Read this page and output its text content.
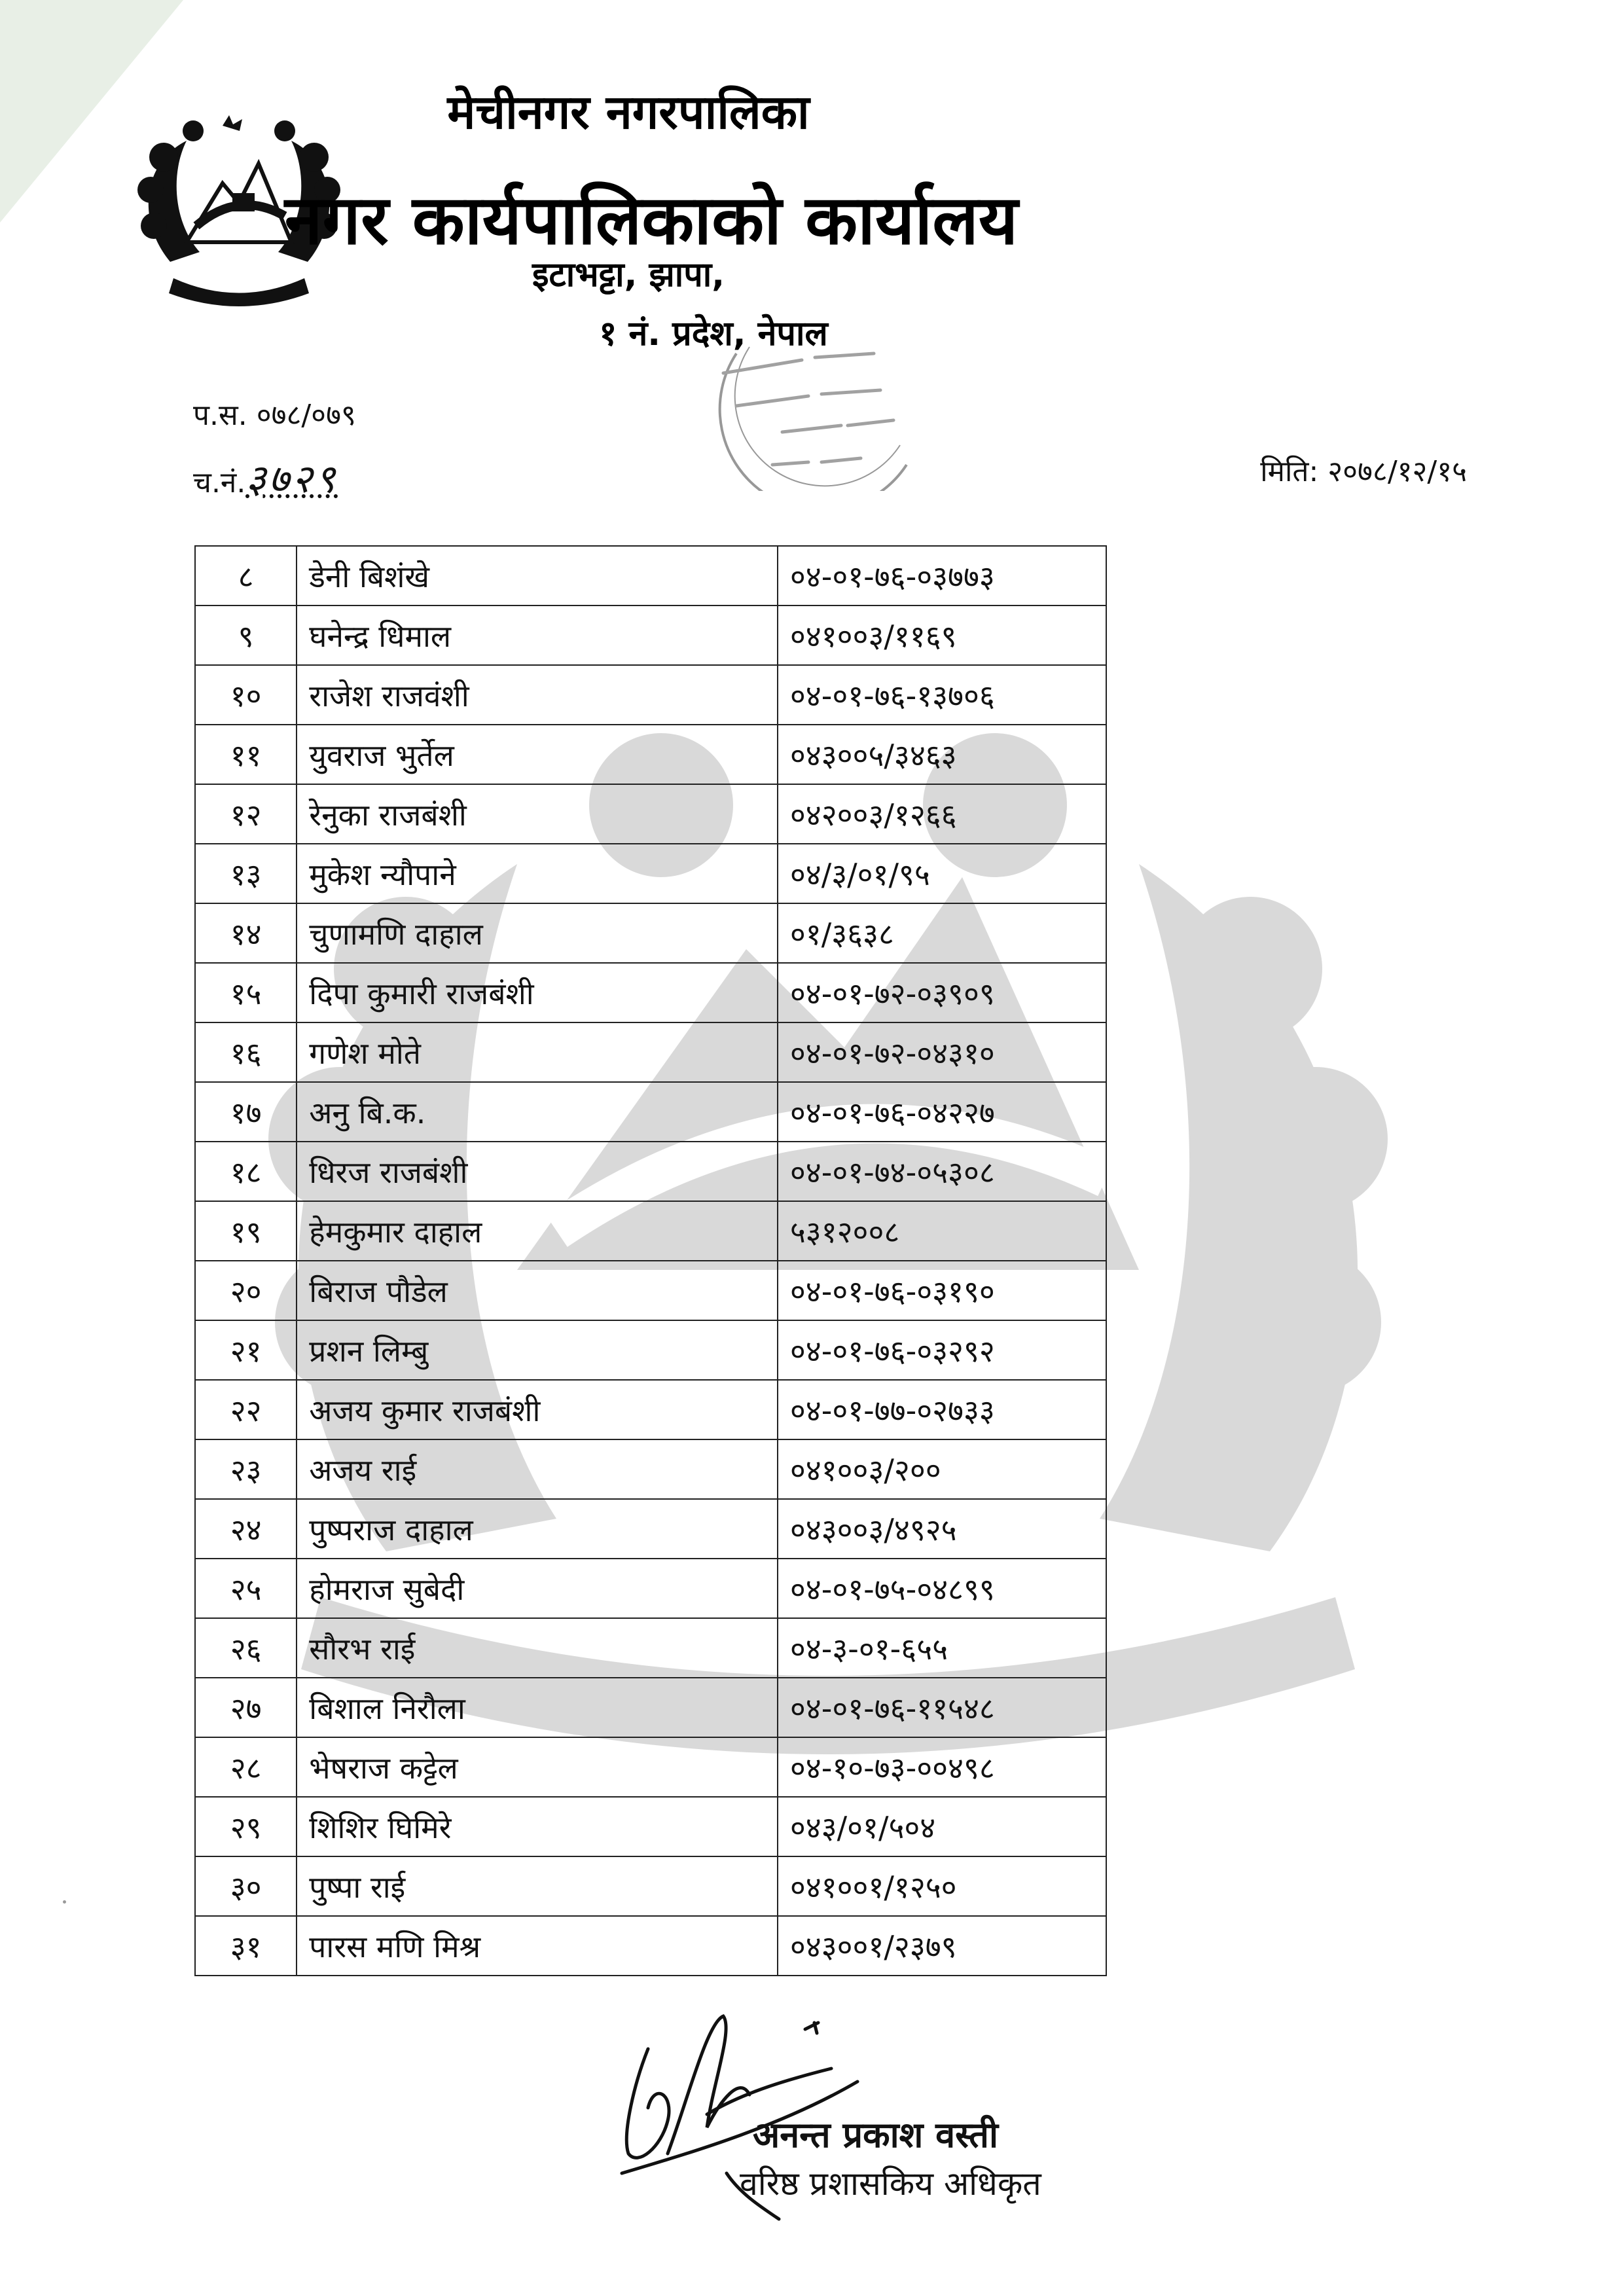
मेचीनगर नगरपालिका
नगर कार्यपालिकाको कार्यालय
इटाभट्टा, झापा,
१ नं. प्रदेश, नेपाल
प.स. ०७८/०७९
च.नं.३७२९	मिति: २०७८/१२/१५
८	डेनी बिशंखे	०४-०१-७६-०३७७३
९	घनेन्द्र धिमाल	०४१००३/११६९
१०	राजेश राजवंशी	०४-०१-७६-१३७०६
११	युवराज भुर्तेल	०४३००५/३४६३
१२	रेनुका राजबंशी	०४२००३/१२६६
१३	मुकेश न्यौपाने	०४/३/०१/९५
१४	चुणामणि दाहाल	०१/३६३८
१५	दिपा कुमारी राजबंशी	०४-०१-७२-०३९०९
१६	गणेश मोते	०४-०१-७२-०४३१०
१७	अनु बि.क.	०४-०१-७६-०४२२७
१८	धिरज राजबंशी	०४-०१-७४-०५३०८
१९	हेमकुमार दाहाल	५३१२००८
२०	बिराज पौडेल	०४-०१-७६-०३१९०
२१	प्रशन लिम्बु	०४-०१-७६-०३२९२
२२	अजय कुमार राजबंशी	०४-०१-७७-०२७३३
२३	अजय राई	०४१००३/२००
२४	पुष्पराज दाहाल	०४३००३/४९२५
२५	होमराज सुबेदी	०४-०१-७५-०४८९९
२६	सौरभ राई	०४-३-०१-६५५
२७	बिशाल निरौला	०४-०१-७६-११५४८
२८	भेषराज कट्टेल	०४-१०-७३-००४९८
२९	शिशिर घिमिरे	०४३/०१/५०४
३०	पुष्पा राई	०४१००१/१२५०
३१	पारस मणि मिश्र	०४३००१/२३७९
अनन्त प्रकाश वस्ती
वरिष्ठ प्रशासकिय अधिकृत
